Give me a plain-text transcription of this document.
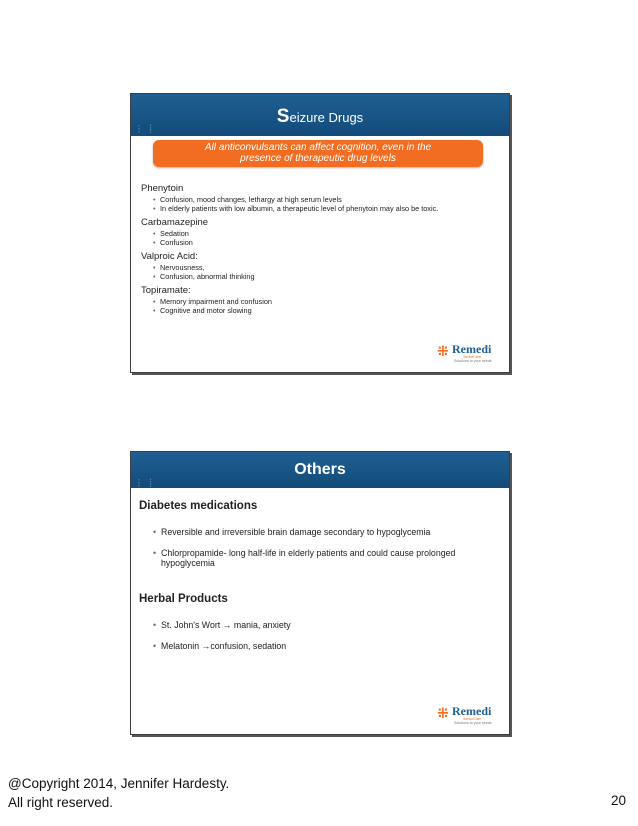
Seizure Drugs
⁝ ⁞
All anticonvulsants can affect cognition, even in the
presence of therapeutic drug levels
Phenytoin
• Confusion, mood changes, lethargy at high serum levels
• In elderly patients with low albumin, a therapeutic level of phenytoin may also be toxic.
Carbamazepine
• Sedation
• Confusion
Valproic Acid:
• Nervousness,
• Confusion, abnormal thinking
Topiramate:
• Memory impairment and confusion
• Cognitive and motor slowing
⁜ Remedi
SeniorCare
Solutions to your needs
Others
⁝ ⁞
Diabetes medications
• Reversible and irreversible brain damage secondary to hypoglycemia
• Chlorpropamide- long half-life in elderly patients and could cause prolonged hypoglycemia
Herbal Products
• St. John's Wort → mania, anxiety
• Melatonin →confusion, sedation
⁜ Remedi
SeniorCare
Solutions to your needs
@Copyright 2014, Jennifer Hardesty.
All right reserved.	20
